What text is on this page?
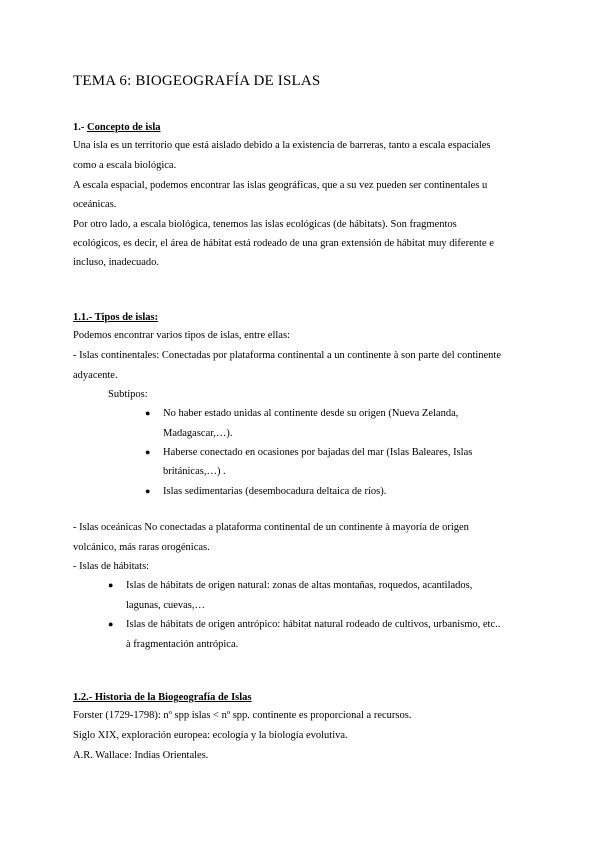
TEMA 6: BIOGEOGRAFÍA DE ISLAS
1.- Concepto de isla
Una isla es un territorio que está aislado debido a la existencia de barreras, tanto a escala espaciales
como a escala biológica.
A escala espacial, podemos encontrar las islas geográficas, que a su vez pueden ser continentales u
oceánicas.
Por otro lado, a escala biológica, tenemos las islas ecológicas (de hábitats). Son fragmentos
ecológicos, es decir, el área de hábitat está rodeado de una gran extensión de hábitat muy diferente e
incluso, inadecuado.
1.1.- Tipos de islas:
Podemos encontrar varios tipos de islas, entre ellas:
- Islas continentales: Conectadas por plataforma continental a un continente à son parte del continente
adyacente.
Subtipos:
● No haber estado unidas al continente desde su origen (Nueva Zelanda,
Madagascar,…).
● Haberse conectado en ocasiones por bajadas del mar (Islas Baleares, Islas
británicas,…) .
● Islas sedimentarias (desembocadura deltaica de ríos).
- Islas oceánicas No conectadas a plataforma continental de un continente à mayoría de origen
volcánico, más raras orogénicas.
- Islas de hábitats:
● Islas de hábitats de origen natural: zonas de altas montañas, roquedos, acantilados,
lagunas, cuevas,…
● Islas de hábitats de origen antrópico: hábitat natural rodeado de cultivos, urbanismo, etc..
à fragmentación antrópica.
1.2.- Historia de la Biogeografía de Islas
Forster (1729-1798): nº spp islas < nº spp. continente es proporcional a recursos.
Siglo XIX, exploración europea: ecología y la biología evolutiva.
A.R. Wallace: Indias Orientales.
